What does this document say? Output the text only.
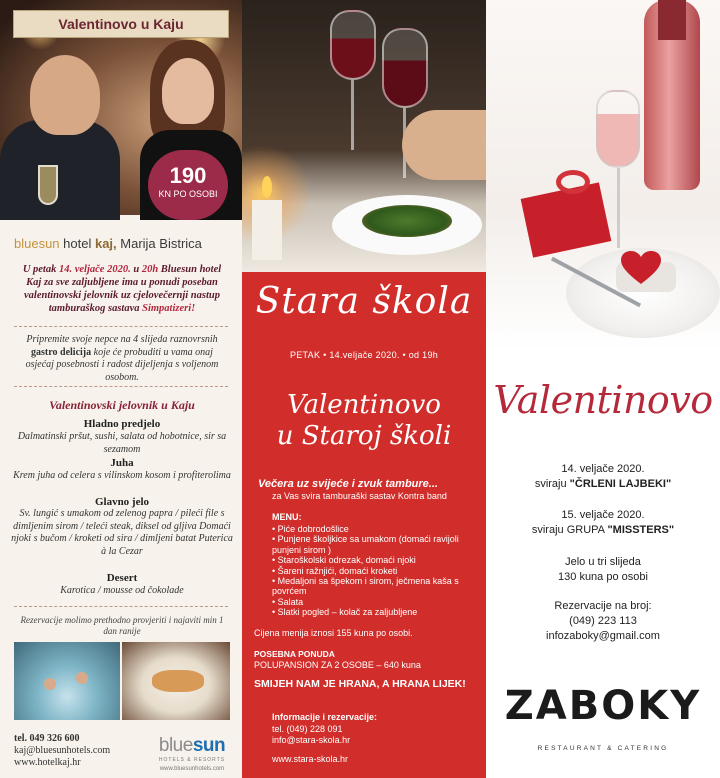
Valentinovo u Kaju
190
KN PO OSOBI
bluesun hotel kaj, Marija Bistrica
U petak 14. veljače 2020. u 20h Bluesun hotel Kaj za sve zaljubljene ima u ponudi poseban valentinovski jelovnik uz cjelovečernji nastup tamburaškog sastava Simpatizeri!
Pripremite svoje nepce na 4 slijeda raznovrsnih gastro delicija koje će probuditi u vama onaj osjećaj posebnosti i radost dijeljenja s voljenom osobom.
Valentinovski jelovnik u Kaju
Hladno predjelo
Dalmatinski pršut, sushi, salata od hobotnice, sir sa sezamom
Juha
Krem juha od celera s vilinskom kosom i profiterolima
Glavno jelo
Sv. lungić s umakom od zelenog papra / pileći file s dimljenim sirom / teleći steak, diksel od gljiva Domaći njoki s bučom / kroketi od sira / dimljeni batat Puterica à la Cezar
Desert
Karotica / mousse od čokolade
Rezervacije molimo prethodno provjeriti i najaviti min 1 dan ranije
tel. 049 326 600
kaj@bluesunhotels.com
www.hotelkaj.hr
bluesun
HOTELS & RESORTS
www.bluesunhotels.com
Stara škola
PETAK • 14.veljače 2020. • od 19h
Valentinovo
u Staroj školi
Večera uz svijeće i zvuk tambure...
za Vas svira tamburaški sastav Kontra band
MENU:
• Piće dobrodošlice
• Punjene školjkice sa umakom (domaći ravijoli punjeni sirom )
• Staroškolski odrezak, domaći njoki
• Šareni ražnjići, domaći kroketi
• Medaljoni sa špekom i sirom, ječmena kaša s povrćem
• Salata
• Slatki pogled – kolač za zaljubljene
Cijena menija iznosi 155 kuna po osobi.
POSEBNA PONUDA
POLUPANSION ZA 2 OSOBE – 640 kuna
SMIJEH NAM JE HRANA, A HRANA LIJEK!
Informacije i rezervacije:
tel. (049) 228 091
info@stara-skola.hr
www.stara-skola.hr
Valentinovo
14. veljače 2020.
sviraju "ČRLENI LAJBEKI"
15. veljače 2020.
sviraju GRUPA "MISSTERS"
Jelo u tri slijeda
130 kuna po osobi
Rezervacije na broj:
(049) 223 113
infozaboky@gmail.com
ZABOKY
RESTAURANT & CATERING
